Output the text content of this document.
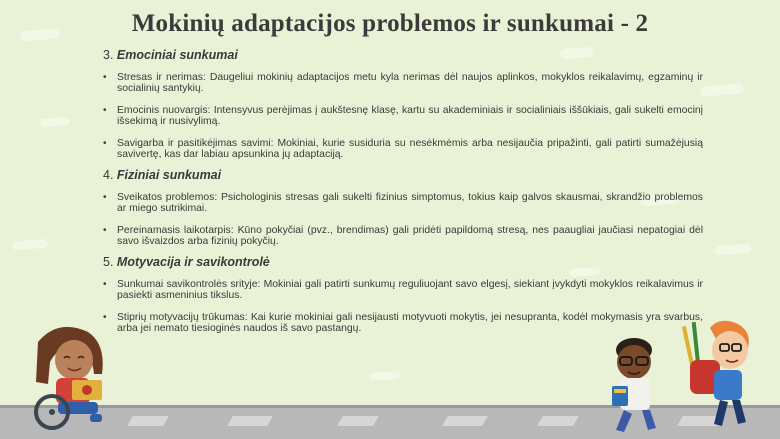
Mokinių adaptacijos problemos ir sunkumai - 2
3. Emociniai sunkumai
• Stresas ir nerimas: Daugeliui mokinių adaptacijos metu kyla nerimas dėl naujos aplinkos, mokyklos reikalavimų, egzaminų ir socialinių santykių.
• Emocinis nuovargis: Intensyvus perėjimas į aukštesnę klasę, kartu su akademiniais ir socialiniais iššūkiais, gali sukelti emocinį išsekimą ir nusivylimą.
• Savigarba ir pasitikėjimas savimi: Mokiniai, kurie susiduria su nesėkmėmis arba nesijaučia pripažinti, gali patirti sumažėjusią savivertę, kas dar labiau apsunkina jų adaptaciją.
4. Fiziniai sunkumai
• Sveikatos problemos: Psichologinis stresas gali sukelti fizinius simptomus, tokius kaip galvos skausmai, skrandžio problemos ar miego sutrikimai.
• Pereinamasis laikotarpis: Kūno pokyčiai (pvz., brendimas) gali pridėti papildomą stresą, nes paaugliai jaučiasi nepatogiai dėl savo išvaizdos arba fizinių pokyčių.
5. Motyvacija ir savikontrolė
• Sunkumai savikontrolės srityje: Mokiniai gali patirti sunkumų reguliuojant savo elgesį, siekiant įvykdyti mokyklos reikalavimus ir pasiekti asmeninius tikslus.
• Stiprių motyvacijų trūkumas: Kai kurie mokiniai gali nesijausti motyvuoti mokytis, jei nesupranta, kodėl mokymasis yra svarbus, arba jei nemato tiesioginės naudos iš savo pastangų.
